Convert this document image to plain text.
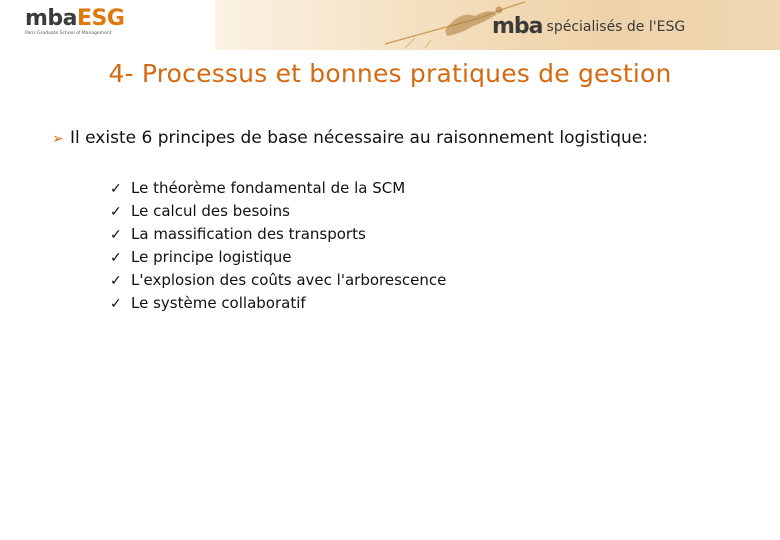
mbaESG
Paris Graduate School of Management	mba spécialisés de l'ESG
4- Processus et bonnes pratiques de gestion
➢ Il existe 6 principes de base nécessaire au raisonnement logistique:
✓ Le théorème fondamental de la SCM
✓ Le calcul des besoins
✓ La massification des transports
✓ Le principe logistique
✓ L'explosion des coûts avec l'arborescence
✓ Le système collaboratif
